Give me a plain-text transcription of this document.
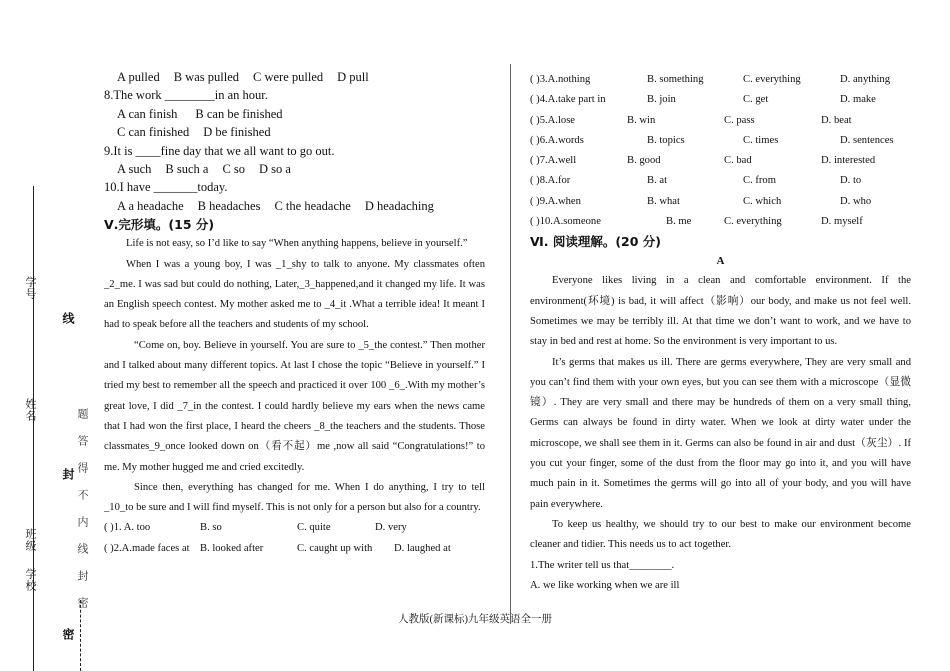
学号
姓名
班级
学校
线
封
密
题答得不内线封密
A pulled B was pulled C were pulled D pull
8.The work ________in an hour.
A can finish B can be finished
C can finished D be finished
9.It is ____fine day that we all want to go out.
A such B such a C so D so a
10.I have _______today.
A a headache B headaches C the headache D headaching
Ⅴ.完形填。(15 分)

Life is not easy, so I’d like to say “When anything happens, believe in yourself.”

When I was a young boy, I was _1_shy to talk to anyone. My classmates often _2_me. I was sad but could do nothing, Later,_3_happened,and it changed my life. It was an English speech contest. My mother asked me to _4_it .What a terrible idea! It meant I had to speak before all the teachers and students of my school.

“Come on, boy. Believe in yourself. You are sure to _5_the contest.” Then mother and I talked about many different topics. At last I chose the topic “Believe in yourself.” I tried my best to remember all the speech and practiced it over 100 _6_.With my mother’s great love, I did _7_in the contest. I could hardly believe my ears when the news came that I had won the first place, I heard the cheers _8_the teachers and the students. Those classmates_9_once looked down on（看不起）me ,now all said “Congratulations!” to me. My mother hugged me and cried excitedly.

Since then, everything has changed for me. When I do anything, I try to tell _10_to be sure and I will find myself. This is not only for a person but also for a country.

( )1. A. too	B. so	C. quite	D. very
( )2.A.made faces at B. looked after	C. caught up with D. laughed at
( )3.A.nothing	B. something	C. everything	D. anything
( )4.A.take part in	B. join	C. get	D. make
( )5.A.lose	B. win	C. pass	D. beat
( )6.A.words	B. topics	C. times	D. sentences
( )7.A.well	B. good	C. bad	D. interested
( )8.A.for	B. at	C. from	D. to
( )9.A.when	B. what	C. which	D. who
( )10.A.someone	B. me	C. everything	D. myself
Ⅵ. 阅读理解。(20 分)
A

Everyone likes living in a clean and comfortable environment. If the environment(环境) is bad, it will affect（影响）our body, and make us not feel well. Sometimes we may be terribly ill. At that time we don’t want to work, and we have to stay in bed and rest at home. So the environment is very important to us.

It’s germs that makes us ill. There are germs everywhere, They are very small and you can’t find them with your own eyes, but you can see them with a microscope（显微镜）. They are very small and there may be hundreds of them on a very small thing, Germs can always be found in dirty water. When we look at dirty water under the microscope, we shall see them in it. Germs can also be found in air and dust（灰尘）. If you cut your finger, some of the dust from the floor may go into it, and you will have much pain in it. Sometimes the germs will go into all of your body, and you will have pain everywhere.

To keep us healthy, we should try to our best to make our environment become cleaner and tidier. This needs us to act together.

1.The writer tell us that________.
A. we like working when we are ill
人教版(新课标)九年级英语全一册
